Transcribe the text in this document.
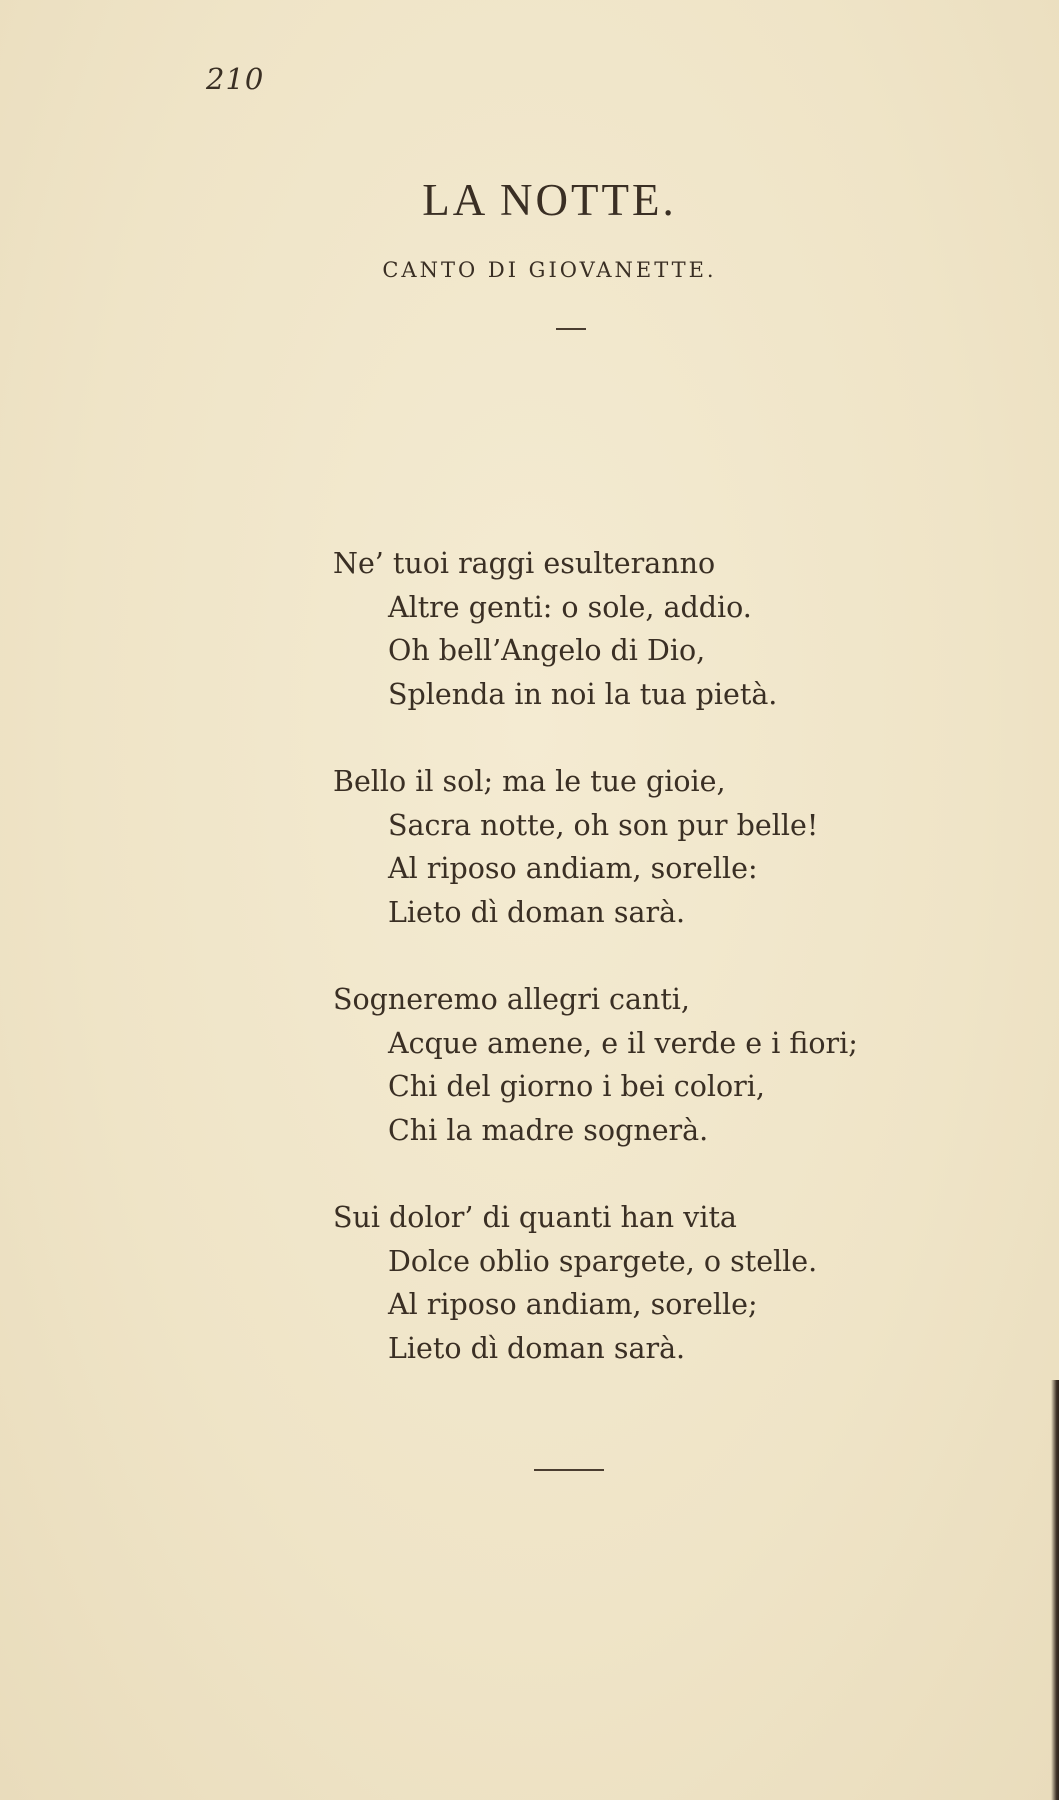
210
LA NOTTE.
CANTO DI GIOVANETTE.
Ne’ tuoi raggi esulteranno
Altre genti: o sole, addio.
Oh bell’Angelo di Dio,
Splenda in noi la tua pietà.
Bello il sol; ma le tue gioie,
Sacra notte, oh son pur belle!
Al riposo andiam, sorelle:
Lieto dì doman sarà.
Sogneremo allegri canti,
Acque amene, e il verde e i fiori;
Chi del giorno i bei colori,
Chi la madre sognerà.
Sui dolor’ di quanti han vita
Dolce oblio spargete, o stelle.
Al riposo andiam, sorelle;
Lieto dì doman sarà.
